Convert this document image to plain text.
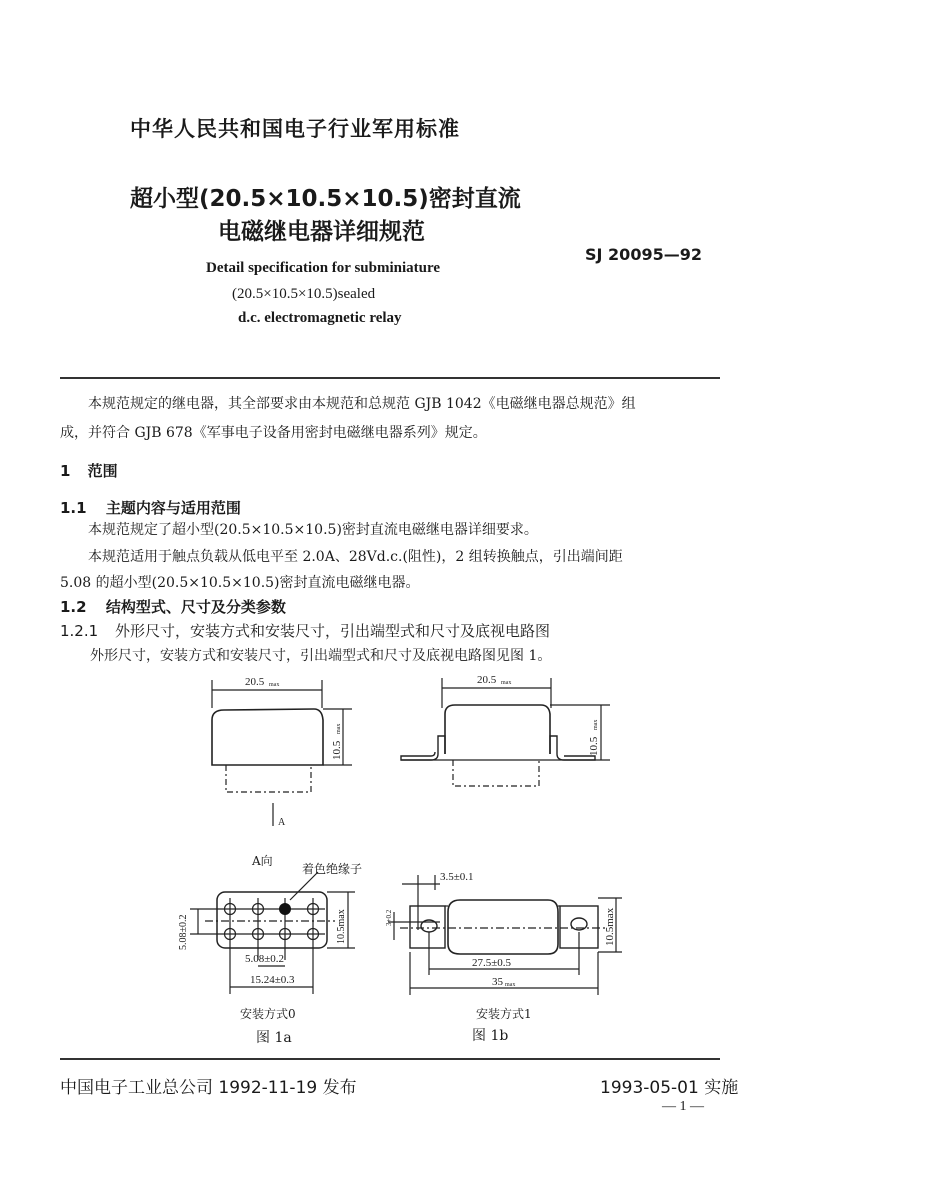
中华人民共和国电子行业军用标准
超小型(20.5×10.5×10.5)密封直流
电磁继电器详细规范
SJ 20095—92
Detail specification for subminiature
(20.5×10.5×10.5)sealed
d.c. electromagnetic relay
本规范规定的继电器，其全部要求由本规范和总规范 GJB 1042《电磁继电器总规范》组
成，并符合 GJB 678《军事电子设备用密封电磁继电器系列》规定。
1 范围
1.1 主题内容与适用范围
本规范规定了超小型(20.5×10.5×10.5)密封直流电磁继电器详细要求。
本规范适用于触点负载从低电平至 2.0A、28Vd.c.(阻性)，2 组转换触点，引出端间距
5.08 的超小型(20.5×10.5×10.5)密封直流电磁继电器。
1.2 结构型式、尺寸及分类参数
1.2.1 外形尺寸，安装方式和安装尺寸，引出端型式和尺寸及底视电路图
外形尺寸，安装方式和安装尺寸，引出端型式和尺寸及底视电路图见图 1。
20.5 max
10.5
max
A
20.5 max
10.5
max
A向
着色绝缘子
5.08±0.2	10.5max
5.08±0.2
15.24±0.3
安装方式0
图 1a
3.5±0.1
3+0.2	10.5max
27.5±0.5
35 max
安装方式1
图 1b
中国电子工业总公司 1992-11-19 发布	1993-05-01 实施
— 1 —
